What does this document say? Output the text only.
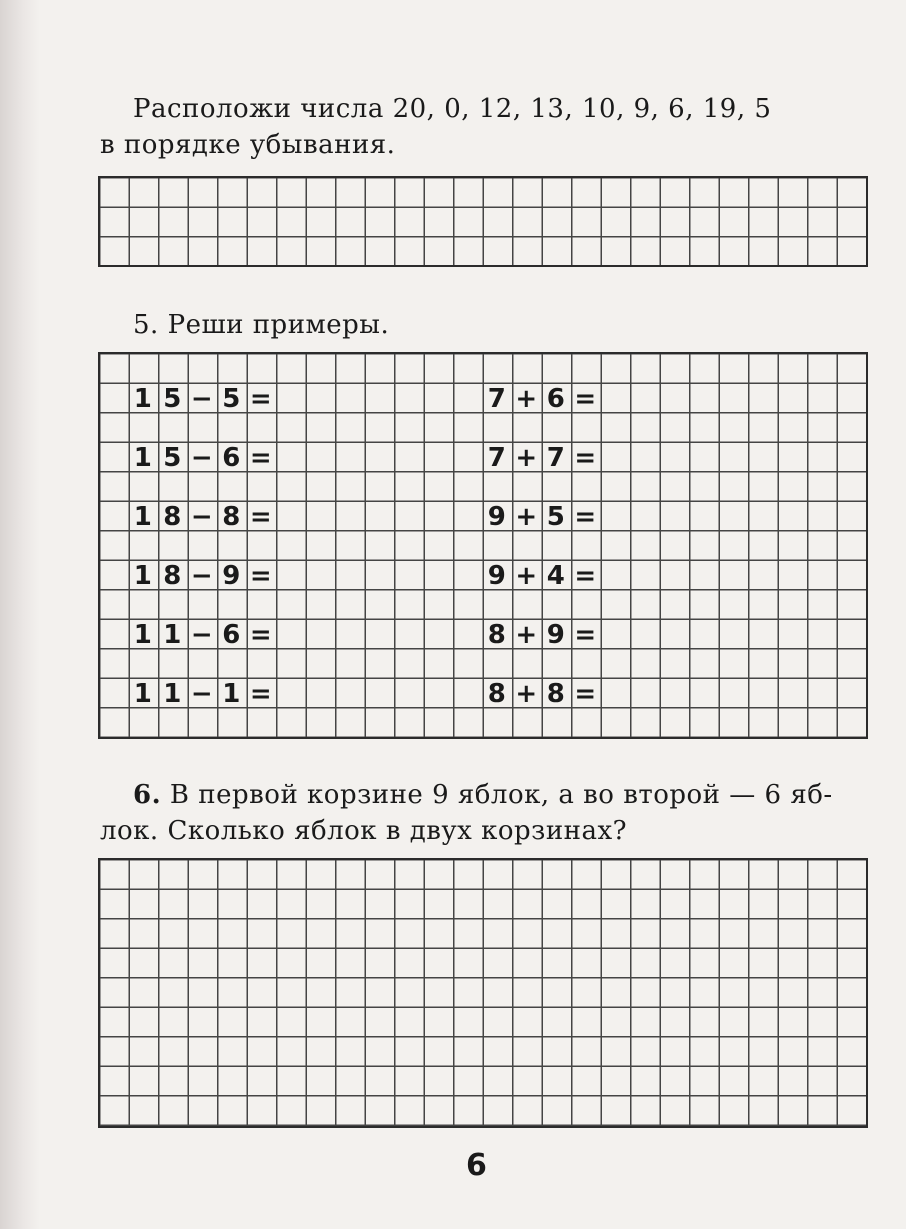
Расположи числа 20, 0, 12, 13, 10, 9, 6, 19, 5
в порядке убывания.
5. Реши примеры.
1 5 − 5 =
1 5 − 6 =
1 8 − 8 =
1 8 − 9 =
1 1 − 6 =
1 1 − 1 =
7 + 6 =
7 + 7 =
9 + 5 =
9 + 4 =
8 + 9 =
8 + 8 =
6. В первой корзине 9 яблок, а во второй — 6 яб-
лок. Сколько яблок в двух корзинах?
6
